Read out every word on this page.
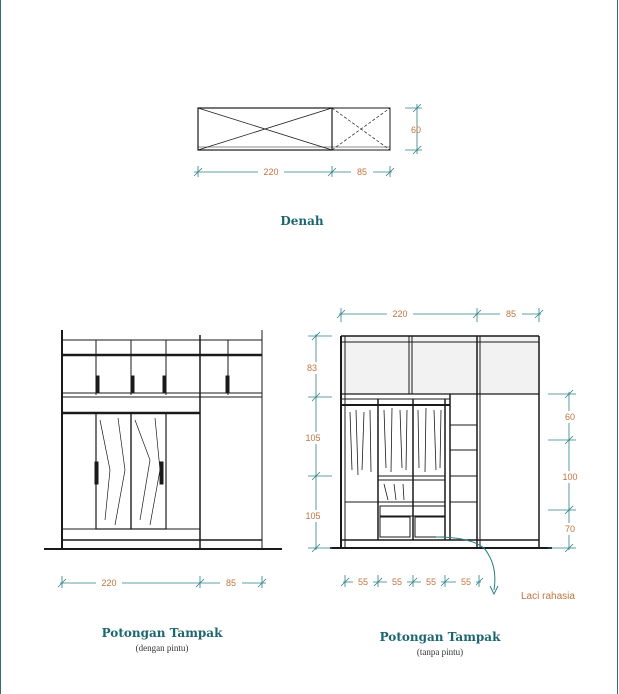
220	85
60
220	85
220	85
83
105
105
60
100
70
55	55	55	55
Denah
Potongan Tampak
(dengan pintu)
Potongan Tampak
(tanpa pintu)
Laci rahasia
